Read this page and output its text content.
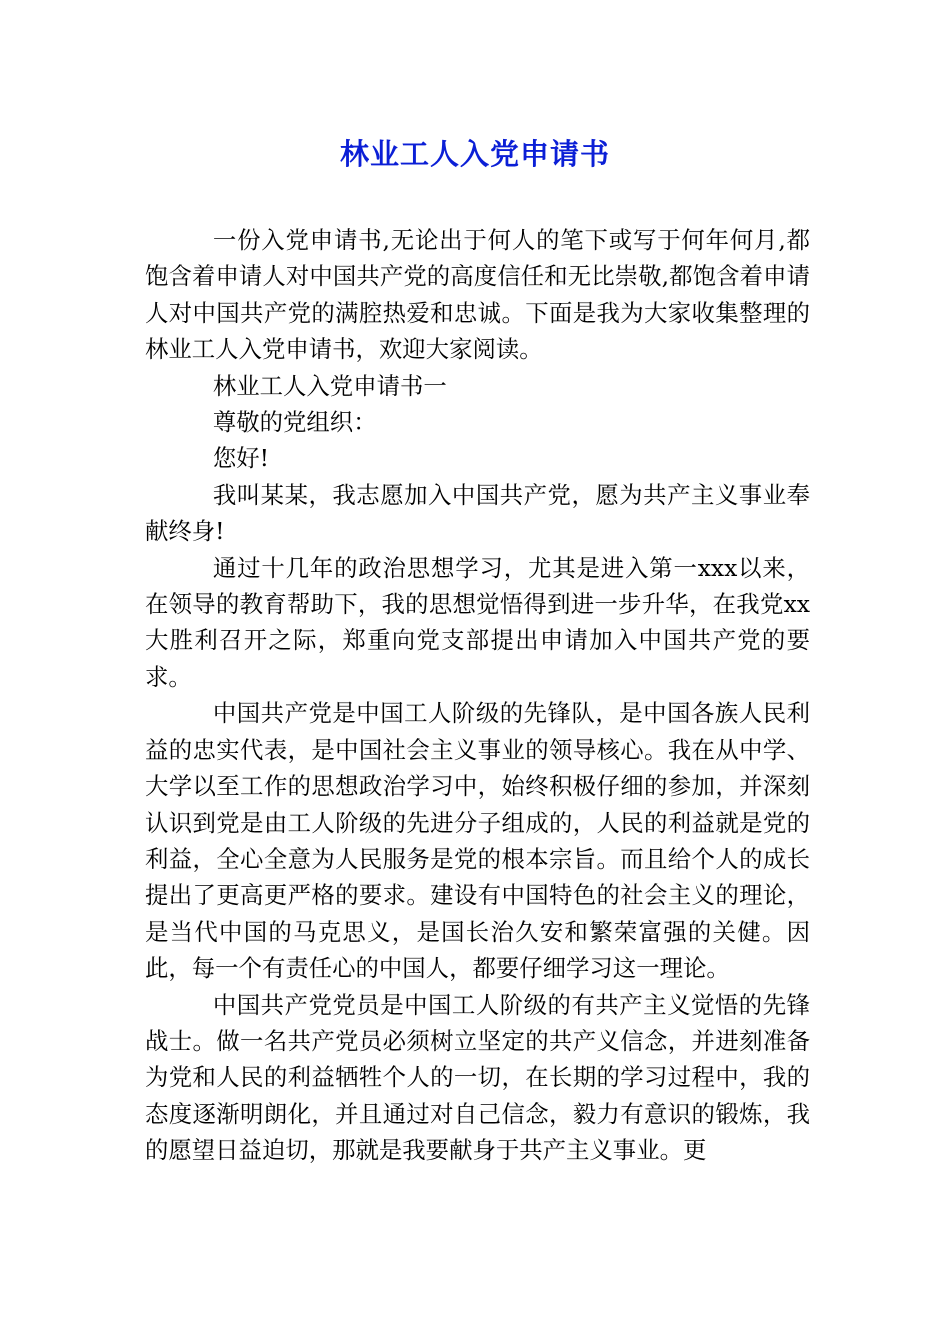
林业工人入党申请书

一份入党申请书,无论出于何人的笔下或写于何年何月,都饱含着申请人对中国共产党的高度信任和无比崇敬,都饱含着申请人对中国共产党的满腔热爱和忠诚。下面是我为大家收集整理的林业工人入党申请书，欢迎大家阅读。

林业工人入党申请书一

尊敬的党组织：

您好!

我叫某某，我志愿加入中国共产党，愿为共产主义事业奉献终身!

通过十几年的政治思想学习，尤其是进入第一xxx以来，在领导的教育帮助下，我的思想觉悟得到进一步升华，在我党xx大胜利召开之际，郑重向党支部提出申请加入中国共产党的要求。

中国共产党是中国工人阶级的先锋队，是中国各族人民利益的忠实代表，是中国社会主义事业的领导核心。我在从中学、大学以至工作的思想政治学习中，始终积极仔细的参加，并深刻认识到党是由工人阶级的先进分子组成的，人民的利益就是党的利益，全心全意为人民服务是党的根本宗旨。而且给个人的成长提出了更高更严格的要求。建设有中国特色的社会主义的理论，是当代中国的马克思义，是国长治久安和繁荣富强的关健。因此，每一个有责任心的中国人，都要仔细学习这一理论。

中国共产党党员是中国工人阶级的有共产主义觉悟的先锋战士。做一名共产党员必须树立坚定的共产义信念，并进刻准备为党和人民的利益牺牲个人的一切，在长期的学习过程中，我的态度逐渐明朗化，并且通过对自己信念，毅力有意识的锻炼，我的愿望日益迫切，那就是我要献身于共产主义事业。更
